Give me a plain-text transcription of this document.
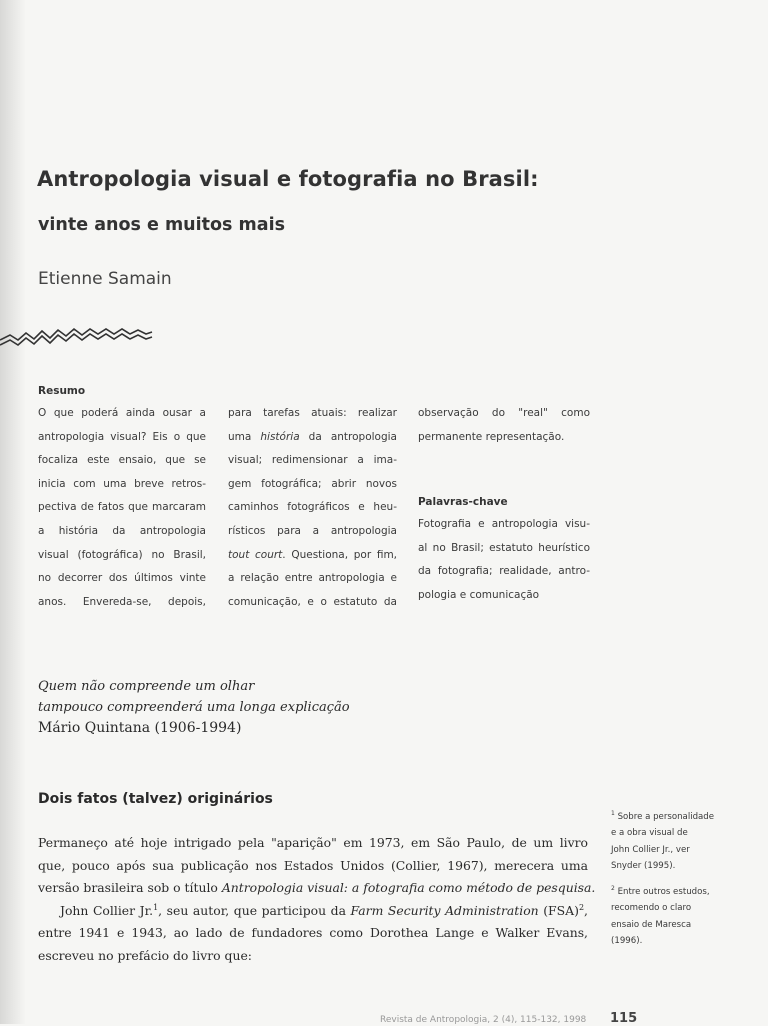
Antropologia visual e fotografia no Brasil:
vinte anos e muitos mais
Etienne Samain
Resumo
O que poderá ainda ousar a
antropologia visual? Eis o que
focaliza este ensaio, que se
inicia com uma breve retros-
pectiva de fatos que marcaram
a história da antropologia
visual (fotográfica) no Brasil,
no decorrer dos últimos vinte
anos. Envereda-se, depois,
para tarefas atuais: realizar
uma história da antropologia
visual; redimensionar a ima-
gem fotográfica; abrir novos
caminhos fotográficos e heu-
rísticos para a antropologia
tout court. Questiona, por fim,
a relação entre antropologia e
comunicação, e o estatuto da
observação do "real" como
permanente representação.
Palavras-chave
Fotografia e antropologia visu-
al no Brasil; estatuto heurístico
da fotografia; realidade, antro-
pologia e comunicação
Quem não compreende um olhar
tampouco compreenderá uma longa explicação
Mário Quintana (1906-1994)
Dois fatos (talvez) originários
Permaneço até hoje intrigado pela "aparição" em 1973, em São Paulo, de um livro
que, pouco após sua publicação nos Estados Unidos (Collier, 1967), merecera uma
versão brasileira sob o título Antropologia visual: a fotografia como método de pesquisa.
John Collier Jr.$^1$, seu autor, que participou da Farm Security Administration (FSA)$^2$,
entre 1941 e 1943, ao lado de fundadores como Dorothea Lange e Walker Evans,
escreveu no prefácio do livro que:
$^1$ Sobre a personalidade
e a obra visual de
John Collier Jr., ver
Snyder (1995).
$^2$ Entre outros estudos,
recomendo o claro
ensaio de Maresca
(1996).
Revista de Antropologia, 2 (4), 115-132, 1998 115
